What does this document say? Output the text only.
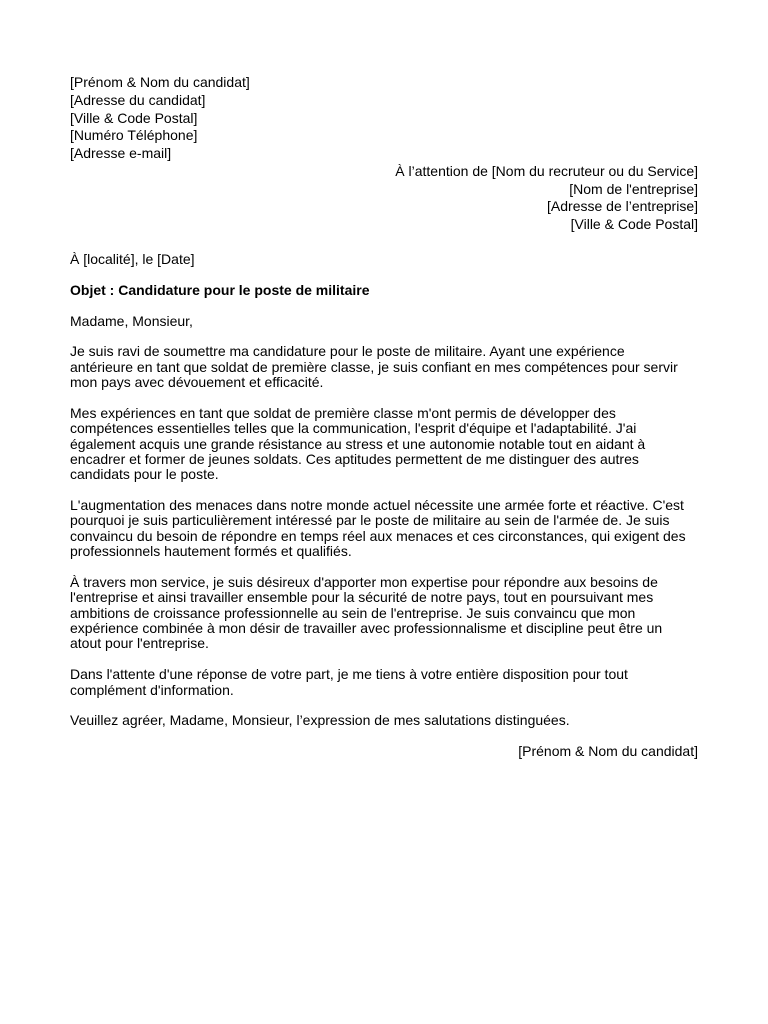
[Prénom & Nom du candidat]
[Adresse du candidat]
[Ville & Code Postal]
[Numéro Téléphone]
[Adresse e-mail]
À l’attention de [Nom du recruteur ou du Service]
[Nom de l'entreprise]
[Adresse de l’entreprise]
[Ville & Code Postal]

À [localité], le [Date]

Objet : Candidature pour le poste de militaire

Madame, Monsieur,

Je suis ravi de soumettre ma candidature pour le poste de militaire. Ayant une expérience
antérieure en tant que soldat de première classe, je suis confiant en mes compétences pour servir
mon pays avec dévouement et efficacité.

Mes expériences en tant que soldat de première classe m'ont permis de développer des
compétences essentielles telles que la communication, l'esprit d'équipe et l'adaptabilité. J'ai
également acquis une grande résistance au stress et une autonomie notable tout en aidant à
encadrer et former de jeunes soldats. Ces aptitudes permettent de me distinguer des autres
candidats pour le poste.

L'augmentation des menaces dans notre monde actuel nécessite une armée forte et réactive. C'est
pourquoi je suis particulièrement intéressé par le poste de militaire au sein de l'armée de. Je suis
convaincu du besoin de répondre en temps réel aux menaces et ces circonstances, qui exigent des
professionnels hautement formés et qualifiés.

À travers mon service, je suis désireux d'apporter mon expertise pour répondre aux besoins de
l'entreprise et ainsi travailler ensemble pour la sécurité de notre pays, tout en poursuivant mes
ambitions de croissance professionnelle au sein de l'entreprise. Je suis convaincu que mon
expérience combinée à mon désir de travailler avec professionnalisme et discipline peut être un
atout pour l'entreprise.

Dans l'attente d'une réponse de votre part, je me tiens à votre entière disposition pour tout
complément d'information.

Veuillez agréer, Madame, Monsieur, l’expression de mes salutations distinguées.

[Prénom & Nom du candidat]
